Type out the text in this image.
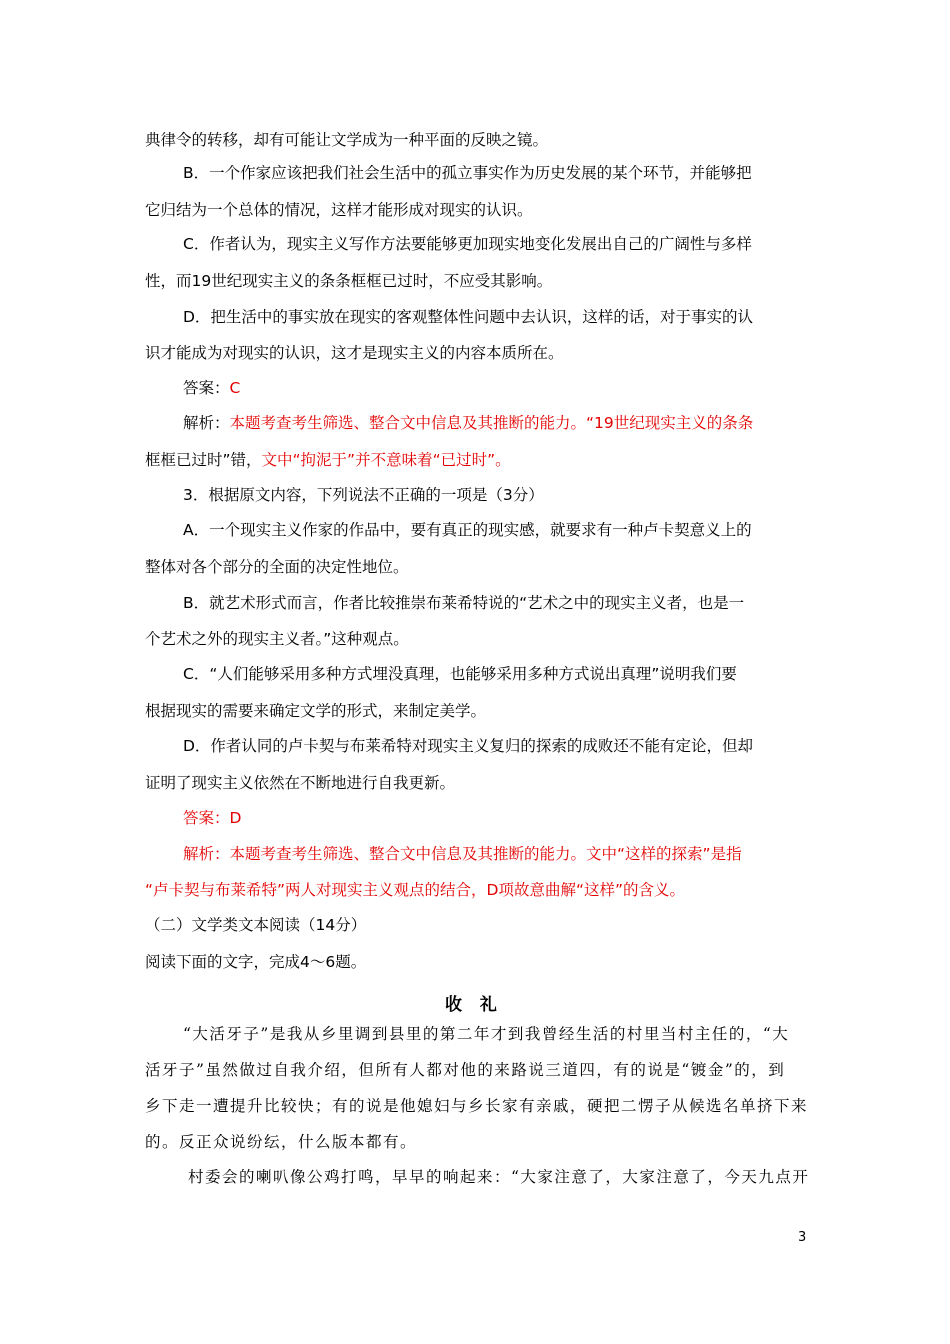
典律令的转移，却有可能让文学成为一种平面的反映之镜。
B．一个作家应该把我们社会生活中的孤立事实作为历史发展的某个环节，并能够把
它归结为一个总体的情况，这样才能形成对现实的认识。
C．作者认为，现实主义写作方法要能够更加现实地变化发展出自己的广阔性与多样
性，而19世纪现实主义的条条框框已过时，不应受其影响。
D．把生活中的事实放在现实的客观整体性问题中去认识，这样的话，对于事实的认
识才能成为对现实的认识，这才是现实主义的内容本质所在。
答案：C
解析：本题考查考生筛选、整合文中信息及其推断的能力。“19世纪现实主义的条条
框框已过时”错，文中“拘泥于”并不意味着“已过时”。
3．根据原文内容，下列说法不正确的一项是（3分）
A．一个现实主义作家的作品中，要有真正的现实感，就要求有一种卢卡契意义上的
整体对各个部分的全面的决定性地位。
B．就艺术形式而言，作者比较推崇布莱希特说的“艺术之中的现实主义者，也是一
个艺术之外的现实主义者。”这种观点。
C．“人们能够采用多种方式埋没真理，也能够采用多种方式说出真理”说明我们要
根据现实的需要来确定文学的形式，来制定美学。
D．作者认同的卢卡契与布莱希特对现实主义复归的探索的成败还不能有定论，但却
证明了现实主义依然在不断地进行自我更新。
答案：D
解析：本题考查考生筛选、整合文中信息及其推断的能力。文中“这样的探索”是指
“卢卡契与布莱希特”两人对现实主义观点的结合，D项故意曲解“这样”的含义。
（二）文学类文本阅读（14分）
阅读下面的文字，完成4～6题。
收 礼
“大活牙子”是我从乡里调到县里的第二年才到我曾经生活的村里当村主任的，“大
活牙子”虽然做过自我介绍，但所有人都对他的来路说三道四，有的说是“镀金”的，到
乡下走一遭提升比较快；有的说是他媳妇与乡长家有亲戚，硬把二愣子从候选名单挤下来
的。反正众说纷纭，什么版本都有。
村委会的喇叭像公鸡打鸣，早早的响起来：“大家注意了，大家注意了，今天九点开
3
